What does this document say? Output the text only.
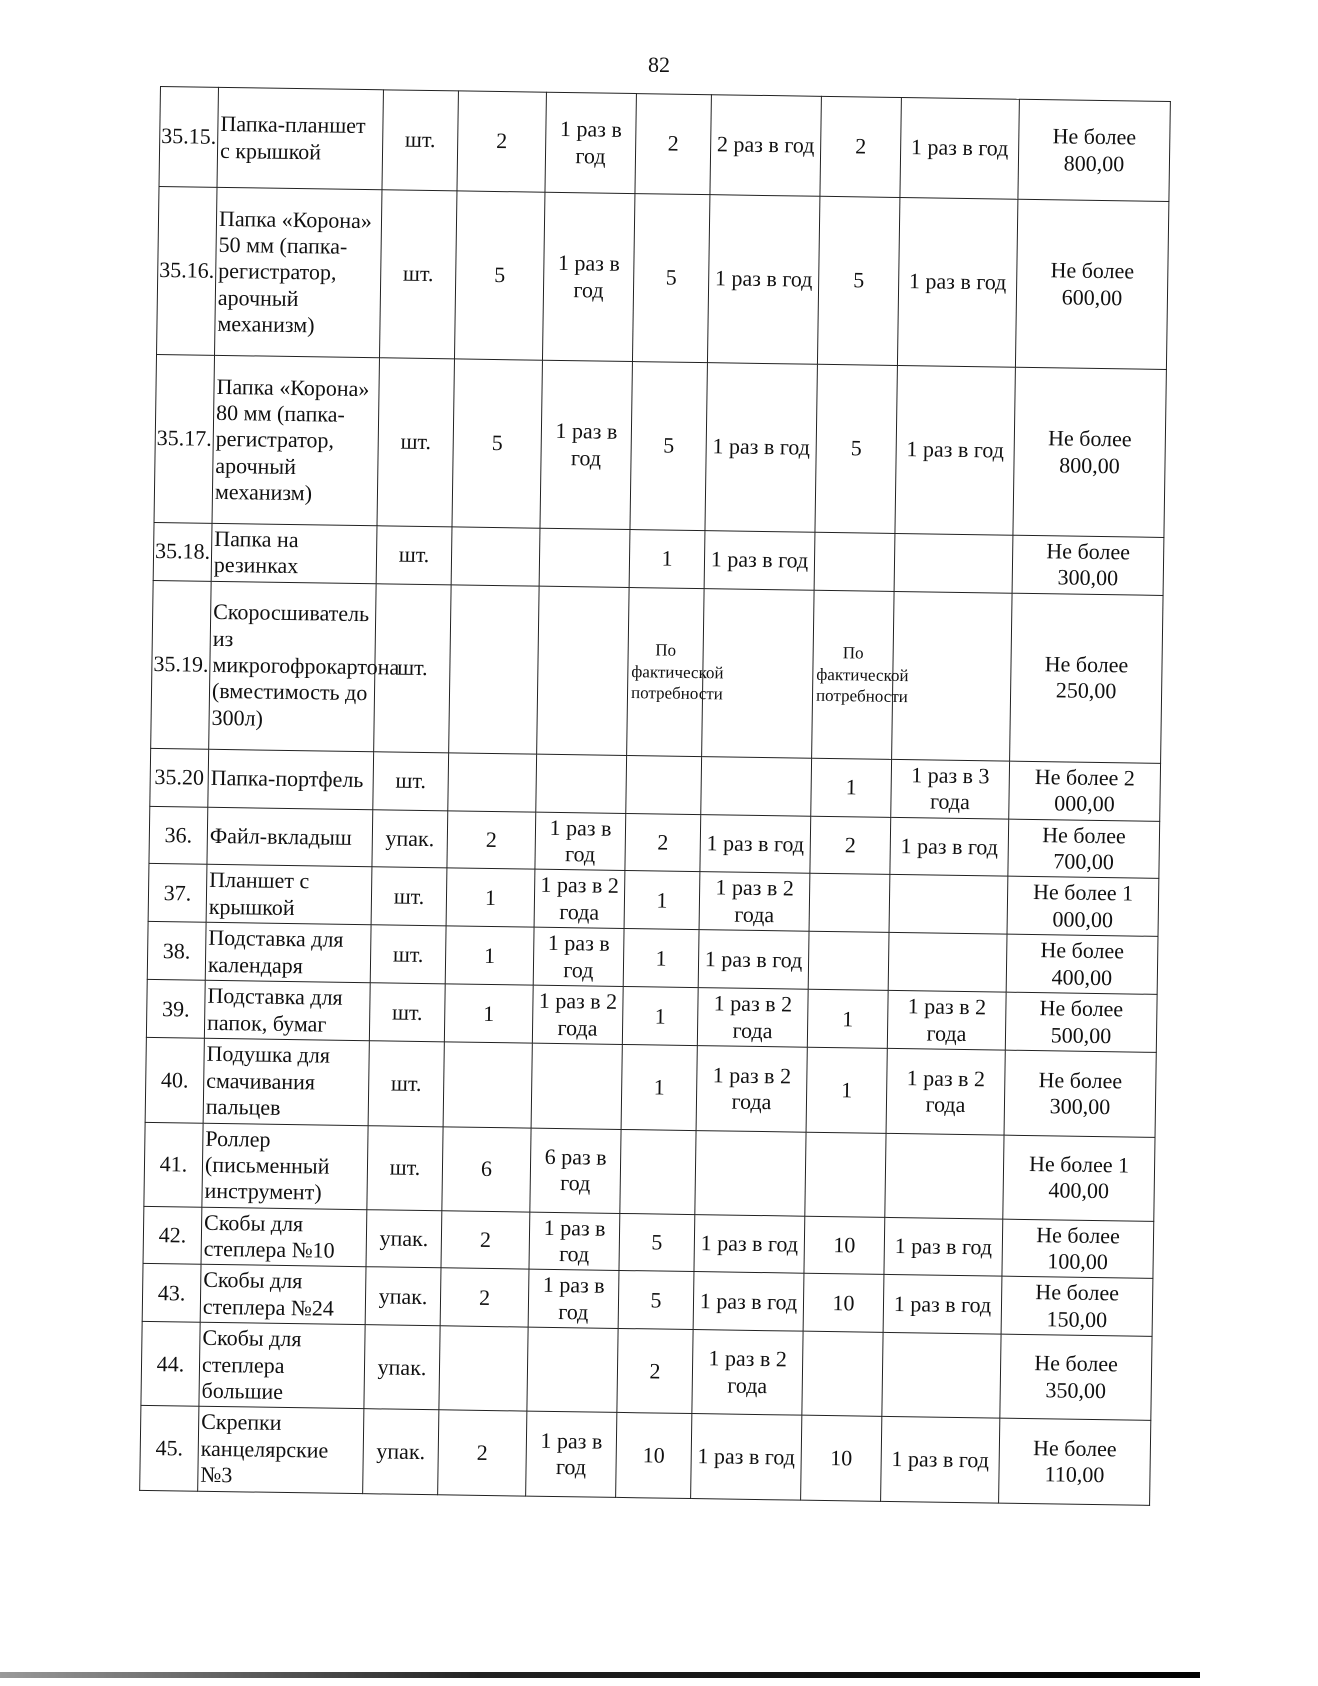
82
35.15.	Папка-планшет с крышкой	шт.	2	1 раз в год	2	2 раз в год	2	1 раз в год	Не более 800,00
35.16.	Папка «Корона» 50 мм (папка-регистратор, арочный механизм)	шт.	5	1 раз в год	5	1 раз в год	5	1 раз в год	Не более 600,00
35.17.	Папка «Корона» 80 мм (папка-регистратор, арочный механизм)	шт.	5	1 раз в год	5	1 раз в год	5	1 раз в год	Не более 800,00
35.18.	Папка на резинках	шт.			1	1 раз в год			Не более 300,00
35.19.	Скоросшиватель из микрогофрокартона (вместимость до 300л)	шт.			По фактической потребности		По фактической потребности		Не более 250,00
35.20	Папка-портфель	шт.					1	1 раз в 3 года	Не более 2 000,00
36.	Файл-вкладыш	упак.	2	1 раз в год	2	1 раз в год	2	1 раз в год	Не более 700,00
37.	Планшет с крышкой	шт.	1	1 раз в 2 года	1	1 раз в 2 года			Не более 1 000,00
38.	Подставка для календаря	шт.	1	1 раз в год	1	1 раз в год			Не более 400,00
39.	Подставка для папок, бумаг	шт.	1	1 раз в 2 года	1	1 раз в 2 года	1	1 раз в 2 года	Не более 500,00
40.	Подушка для смачивания пальцев	шт.			1	1 раз в 2 года	1	1 раз в 2 года	Не более 300,00
41.	Роллер (письменный инструмент)	шт.	6	6 раз в год					Не более 1 400,00
42.	Скобы для степлера №10	упак.	2	1 раз в год	5	1 раз в год	10	1 раз в год	Не более 100,00
43.	Скобы для степлера №24	упак.	2	1 раз в год	5	1 раз в год	10	1 раз в год	Не более 150,00
44.	Скобы для степлера большие	упак.			2	1 раз в 2 года			Не более 350,00
45.	Скрепки канцелярские №3	упак.	2	1 раз в год	10	1 раз в год	10	1 раз в год	Не более 110,00
